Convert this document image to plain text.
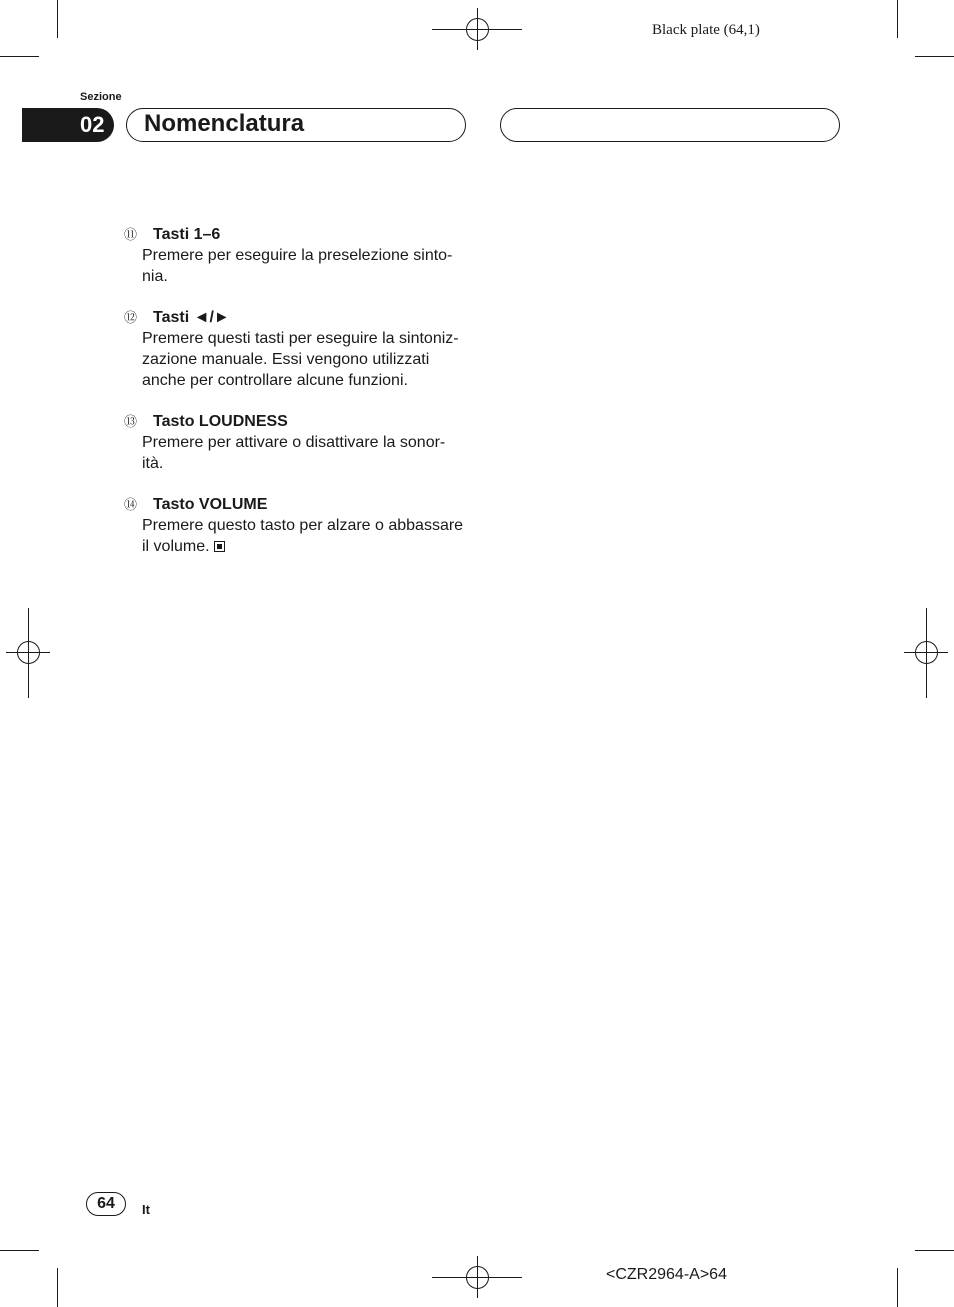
Black plate (64,1)
Sezione
02	Nomenclatura
⑪ Tasti 1–6
Premere per eseguire la preselezione sinto-
nia.
⑫ Tasti ◄/►
Premere questi tasti per eseguire la sintoniz-
zazione manuale. Essi vengono utilizzati
anche per controllare alcune funzioni.
⑬ Tasto LOUDNESS
Premere per attivare o disattivare la sonor-
ità.
⑭ Tasto VOLUME
Premere questo tasto per alzare o abbassare
il volume.
64	It
<CZR2964-A>64
